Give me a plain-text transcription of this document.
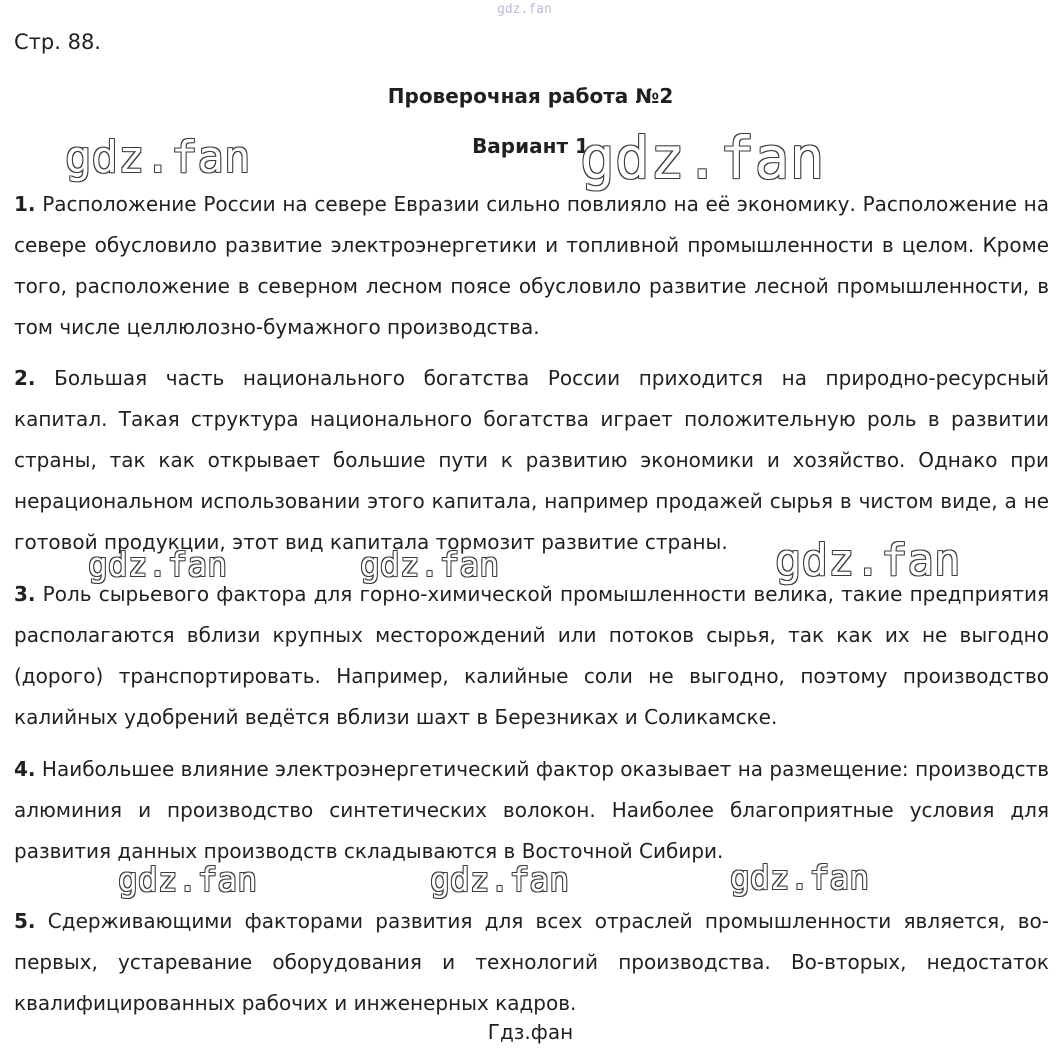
gdz.fan
Стр. 88.
Проверочная работа №2
Вариант 1
1. Расположение России на севере Евразии сильно повлияло на её экономику. Расположение на севере обусловило развитие электроэнергетики и топливной промышленности в целом. Кроме того, расположение в северном лесном поясе обусловило развитие лесной промышленности, в том числе целлюлозно-бумажного производства.
2. Большая часть национального богатства России приходится на природно-ресурсный капитал. Такая структура национального богатства играет положительную роль в развитии страны, так как открывает большие пути к развитию экономики и хозяйство. Однако при нерациональном использовании этого капитала, например продажей сырья в чистом виде, а не готовой продукции, этот вид капитала тормозит развитие страны.
3. Роль сырьевого фактора для горно-химической промышленности велика, такие предприятия располагаются вблизи крупных месторождений или потоков сырья, так как их не выгодно (дорого) транспортировать. Например, калийные соли не выгодно, поэтому производство калийных удобрений ведётся вблизи шахт в Березниках и Соликамске.
4. Наибольшее влияние электроэнергетический фактор оказывает на размещение: производств алюминия и производство синтетических волокон. Наиболее благоприятные условия для развития данных производств складываются в Восточной Сибири.
5. Сдерживающими факторами развития для всех отраслей промышленности является, во-первых, устаревание оборудования и технологий производства. Во-вторых, недостаток квалифицированных рабочих и инженерных кадров.
Гдз.фан
gdz.fan	gdz.fan
gdz.fan	gdz.fan	gdz.fan
gdz.fan	gdz.fan	gdz.fan
